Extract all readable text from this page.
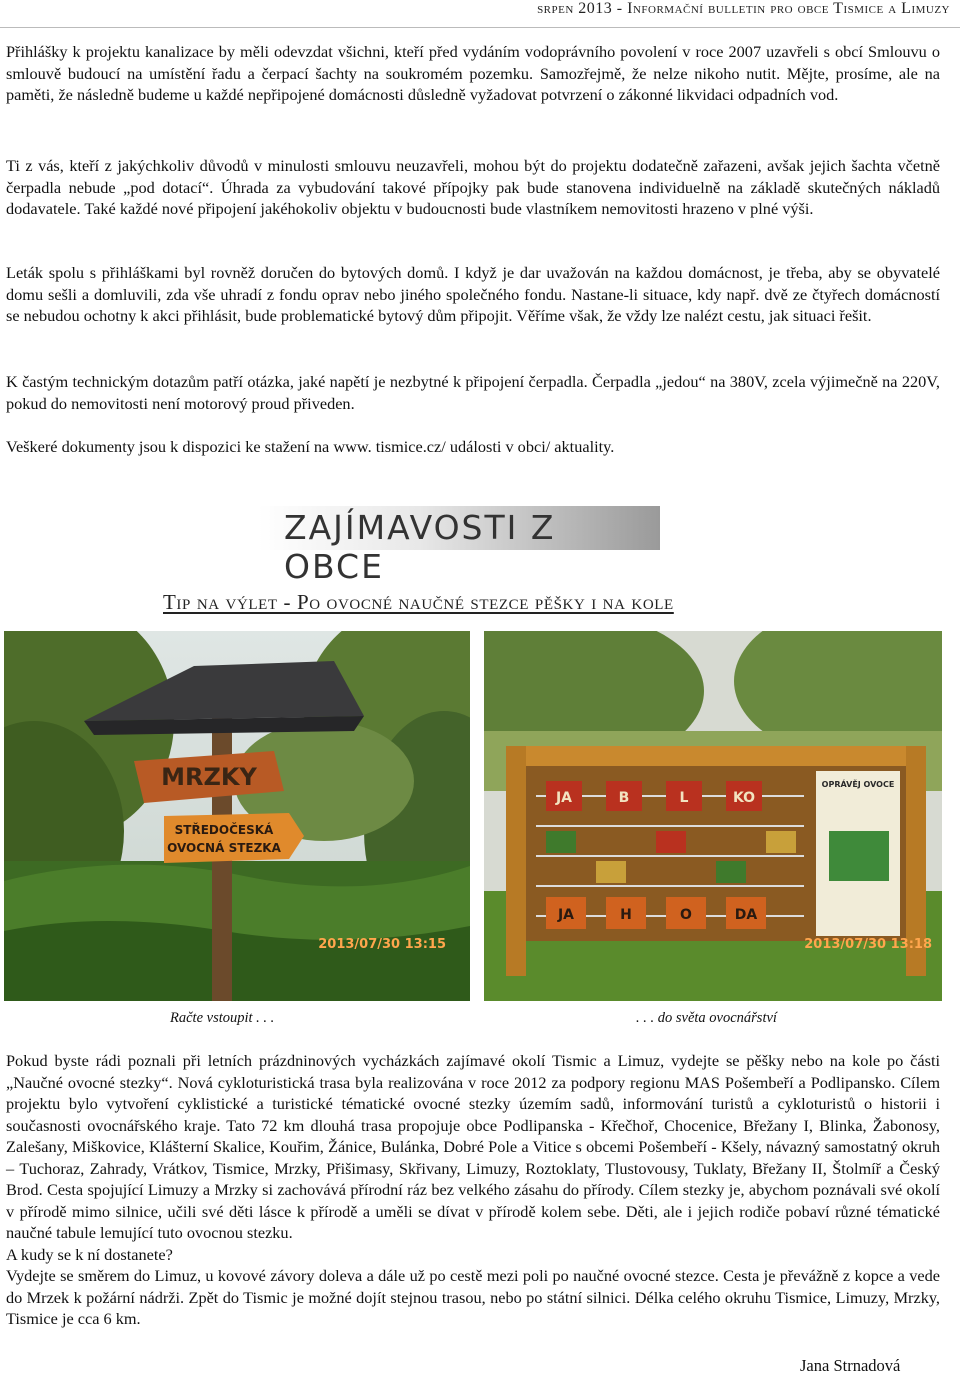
srpen 2013 - Informační bulletin pro obce Tismice a Limuzy

Přihlášky k projektu kanalizace by měli odevzdat všichni, kteří před vydáním vodoprávního povolení v roce 2007 uzavřeli s obcí Smlouvu o smlouvě budoucí na umístění řadu a čerpací šachty na soukromém pozemku. Samozřejmě, že nelze nikoho nutit. Mějte, prosíme, ale na paměti, že následně budeme u každé nepřipojené domácnosti důsledně vyžadovat potvrzení o zákonné likvidaci odpadních vod.

Ti z vás, kteří z jakýchkoliv důvodů v minulosti smlouvu neuzavřeli, mohou být do projektu dodatečně zařazeni, avšak jejich šachta včetně čerpadla nebude „pod dotací“. Úhrada za vybudování takové přípojky pak bude stanovena individuelně na základě skutečných nákladů dodavatele. Také každé nové připojení jakéhokoliv objektu v budoucnosti bude vlastníkem nemovitosti hrazeno v plné výši.

Leták spolu s přihláškami byl rovněž doručen do bytových domů. I když je dar uvažován na každou domácnost, je třeba, aby se obyvatelé domu sešli a domluvili, zda vše uhradí z fondu oprav nebo jiného společného fondu. Nastane-li situace, kdy např. dvě ze čtyřech domácností se nebudou ochotny k akci přihlásit, bude problematické bytový dům připojit. Věříme však, že vždy lze nalézt cestu, jak situaci řešit.

K častým technickým dotazům patří otázka, jaké napětí je nezbytné k připojení čerpadla. Čerpadla „jedou“ na 380V, zcela výjimečně na 220V, pokud do nemovitosti není motorový proud přiveden.

Veškeré dokumenty jsou k dispozici ke stažení na www. tismice.cz/ události v obci/ aktuality.

ZAJÍMAVOSTI Z OBCE
Tip na výlet - Po ovocné naučné stezce pěšky i na kole
MRZKY
STŘEDOČESKÁ
OVOCNÁ STEZKA
2013/07/30 13:15
JA	B	L	KO
JA	H	O	DA
OPRÁVĚJ OVOCE
2013/07/30 13:18
Račte vstoupit . . .	. . . do světa ovocnářství

Pokud byste rádi poznali při letních prázdninových vycházkách zajímavé okolí Tismic a Limuz, vydejte se pěšky nebo na kole po části „Naučné ovocné stezky“. Nová cykloturistická trasa byla realizována v roce 2012 za podpory regionu MAS Pošembeří a Podlipansko. Cílem projektu bylo vytvoření cyklistické a turistické tématické ovocné stezky územím sadů, informování turistů a cykloturistů o historii i současnosti ovocnářského kraje. Tato 72 km dlouhá trasa propojuje obce Podlipanska - Křečhoř, Chocenice, Břežany I, Blinka, Žabonosy, Zalešany, Miškovice, Klášterní Skalice, Kouřim, Žánice, Bulánka, Dobré Pole a Vitice s obcemi Pošembeří - Kšely, návazný samostatný okruh – Tuchoraz, Zahrady, Vrátkov, Tismice, Mrzky, Přišimasy, Skřivany, Limuzy, Roztoklaty, Tlustovousy, Tuklaty, Břežany II, Štolmíř a Český Brod. Cesta spojující Limuzy a Mrzky si zachovává přírodní ráz bez velkého zásahu do přírody. Cílem stezky je, abychom poznávali své okolí v přírodě mimo silnice, učili své děti lásce k přírodě a uměli se dívat v přírodě kolem sebe. Děti, ale i jejich rodiče pobaví různé tématické naučné tabule lemující tuto ovocnou stezku.

A kudy se k ní dostanete?

Vydejte se směrem do Limuz, u kovové závory doleva a dále už po cestě mezi poli po naučné ovocné stezce. Cesta je převážně z kopce a vede do Mrzek k požární nádrži. Zpět do Tismic je možné dojít stejnou trasou, nebo po státní silnici. Délka celého okruhu Tismice, Limuzy, Mrzky, Tismice je cca 6 km.

Jana Strnadová
